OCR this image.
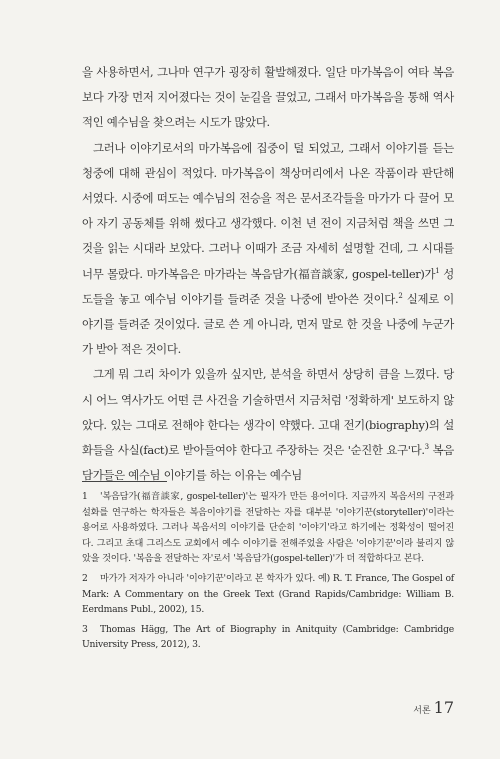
을 사용하면서, 그나마 연구가 굉장히 활발해졌다. 일단 마가복음이 여타 복음보다 가장 먼저 지어졌다는 것이 눈길을 끌었고, 그래서 마가복음을 통해 역사적인 예수님을 찾으려는 시도가 많았다.

그러나 이야기로서의 마가복음에 집중이 덜 되었고, 그래서 이야기를 듣는 청중에 대해 관심이 적었다. 마가복음이 책상머리에서 나온 작품이라 판단해서였다. 시중에 떠도는 예수님의 전승을 적은 문서조각들을 마가가 다 끌어 모아 자기 공동체를 위해 썼다고 생각했다. 이천 년 전이 지금처럼 책을 쓰면 그것을 읽는 시대라 보았다. 그러나 이때가 조금 자세히 설명할 건데, 그 시대를 너무 몰랐다. 마가복음은 마가라는 복음담가(福音談家, gospel-teller)가$^1$ 성도들을 놓고 예수님 이야기를 들려준 것을 나중에 받아쓴 것이다.$^2$ 실제로 이야기를 들려준 것이었다. 글로 쓴 게 아니라, 먼저 말로 한 것을 나중에 누군가가 받아 적은 것이다.

그게 뭐 그리 차이가 있을까 싶지만, 분석을 하면서 상당히 큼을 느꼈다. 당시 어느 역사가도 어떤 큰 사건을 기술하면서 지금처럼 '정확하게' 보도하지 않았다. 있는 그대로 전해야 한다는 생각이 약했다. 고대 전기(biography)의 설화들을 사실(fact)로 받아들여야 한다고 주장하는 것은 '순진한 요구'다.$^3$ 복음담가들은 예수님 이야기를 하는 이유는 예수님

1 '복음담가(福音談家, gospel-teller)'는 필자가 만든 용어이다. 지금까지 복음서의 구전과 설화를 연구하는 학자들은 복음이야기를 전달하는 자를 대부분 '이야기꾼(storyteller)'이라는 용어로 사용하였다. 그러나 복음서의 이야기를 단순히 '이야기'라고 하기에는 정확성이 떨어진다. 그리고 초대 그리스도 교회에서 예수 이야기를 전해주었을 사람은 '이야기꾼'이라 불리지 않았을 것이다. '복음을 전달하는 자'로서 '복음담가(gospel-teller)'가 더 적합하다고 본다.

2 마가가 저자가 아니라 '이야기꾼'이라고 본 학자가 있다. 예) R. T. France, The Gospel of Mark: A Commentary on the Greek Text (Grand Rapids/Cambridge: William B. Eerdmans Publ., 2002), 15.

3 Thomas Hägg, The Art of Biography in Anitquity (Cambridge: Cambridge University Press, 2012), 3.

서론 17
